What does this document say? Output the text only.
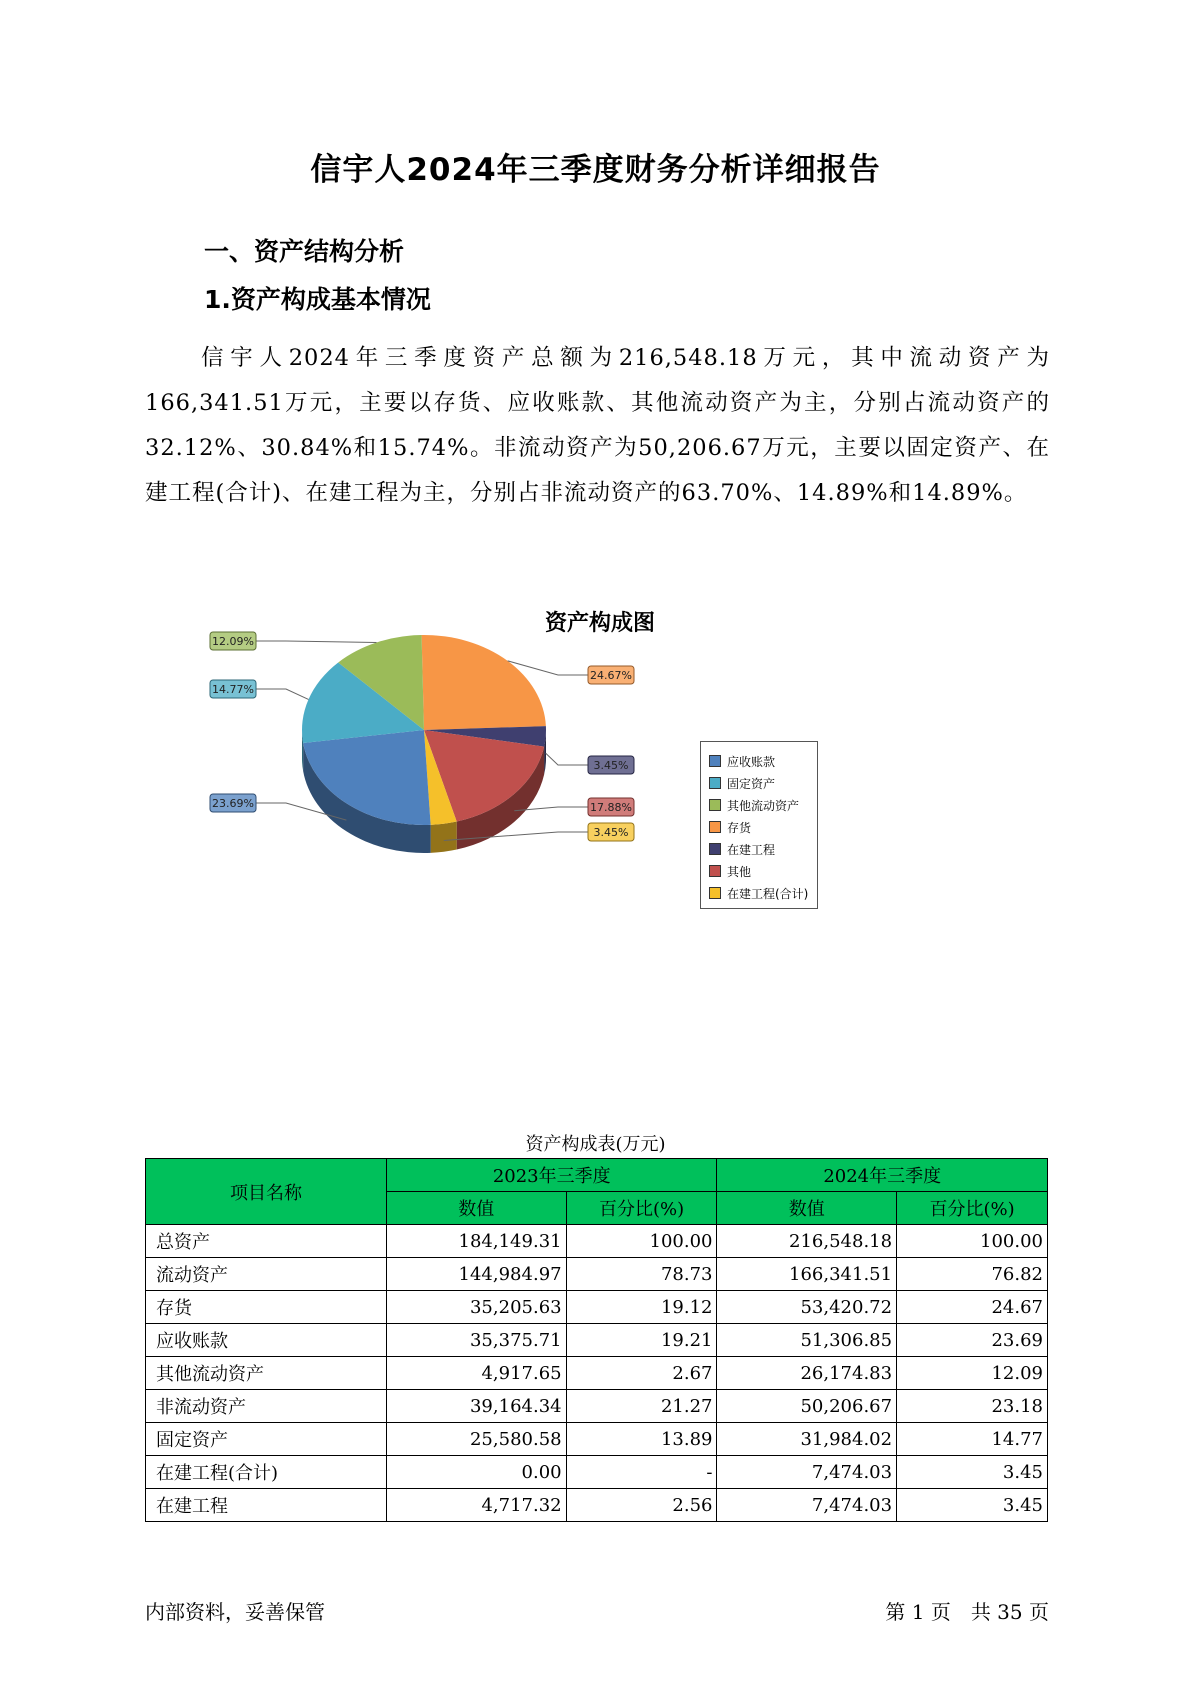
信宇人2024年三季度财务分析详细报告
一、资产结构分析
1.资产构成基本情况
信宇人2024年三季度资产总额为216,548.18万元，其中流动资产为166,341.51万元，主要以存货、应收账款、其他流动资产为主，分别占流动资产的32.12%、30.84%和15.74%。非流动资产为50,206.67万元，主要以固定资产、在建工程(合计)、在建工程为主，分别占非流动资产的63.70%、14.89%和14.89%。
资产构成图
23.69%
14.77%
12.09%
24.67%
3.45%
17.88%
3.45%
应收账款
固定资产
其他流动资产
存货
在建工程
其他
在建工程(合计)
资产构成表(万元)
项目名称	2023年三季度		2024年三季度	
	数值	百分比(%)	数值	百分比(%)
总资产	184,149.31	100.00	216,548.18	100.00
流动资产	144,984.97	78.73	166,341.51	76.82
存货	35,205.63	19.12	53,420.72	24.67
应收账款	35,375.71	19.21	51,306.85	23.69
其他流动资产	4,917.65	2.67	26,174.83	12.09
非流动资产	39,164.34	21.27	50,206.67	23.18
固定资产	25,580.58	13.89	31,984.02	14.77
在建工程(合计)	0.00	-	7,474.03	3.45
在建工程	4,717.32	2.56	7,474.03	3.45
内部资料，妥善保管	第 1 页　共 35 页
